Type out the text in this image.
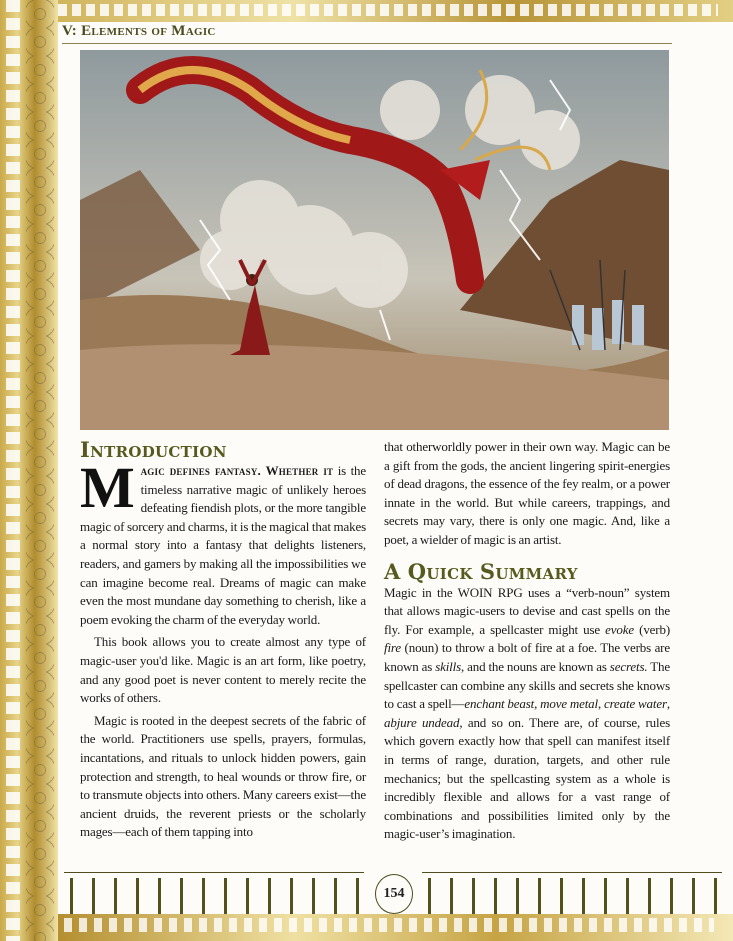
V: Elements of Magic
Introduction

Magic defines fantasy. Whether it is the timeless narrative magic of unlikely heroes defeating fiendish plots, or the more tangible magic of sorcery and charms, it is the magical that makes a normal story into a fantasy that delights listeners, readers, and gamers by making all the impossibilities we can imagine become real. Dreams of magic can make even the most mundane day something to cherish, like a poem evoking the charm of the everyday world.

This book allows you to create almost any type of magic-user you'd like. Magic is an art form, like poetry, and any good poet is never content to merely recite the works of others.

Magic is rooted in the deepest secrets of the fabric of the world. Practitioners use spells, prayers, formulas, incantations, and rituals to unlock hidden powers, gain protection and strength, to heal wounds or throw fire, or to transmute objects into others. Many careers exist—the ancient druids, the reverent priests or the scholarly mages—each of them tapping into

that otherworldly power in their own way. Magic can be a gift from the gods, the ancient lingering spirit-energies of dead dragons, the essence of the fey realm, or a power innate in the world. But while careers, trappings, and secrets may vary, there is only one magic. And, like a poet, a wielder of magic is an artist.

A Quick Summary

Magic in the WOIN RPG uses a “verb-noun” system that allows magic-users to devise and cast spells on the fly. For example, a spellcaster might use evoke (verb) fire (noun) to throw a bolt of fire at a foe. The verbs are known as skills, and the nouns are known as secrets. The spellcaster can combine any skills and secrets she knows to cast a spell—enchant beast, move metal, create water, abjure undead, and so on. There are, of course, rules which govern exactly how that spell can manifest itself in terms of range, duration, targets, and other rule mechanics; but the spellcasting system as a whole is incredibly flexible and allows for a vast range of combinations and possibilities limited only by the magic-user’s imagination.

154
